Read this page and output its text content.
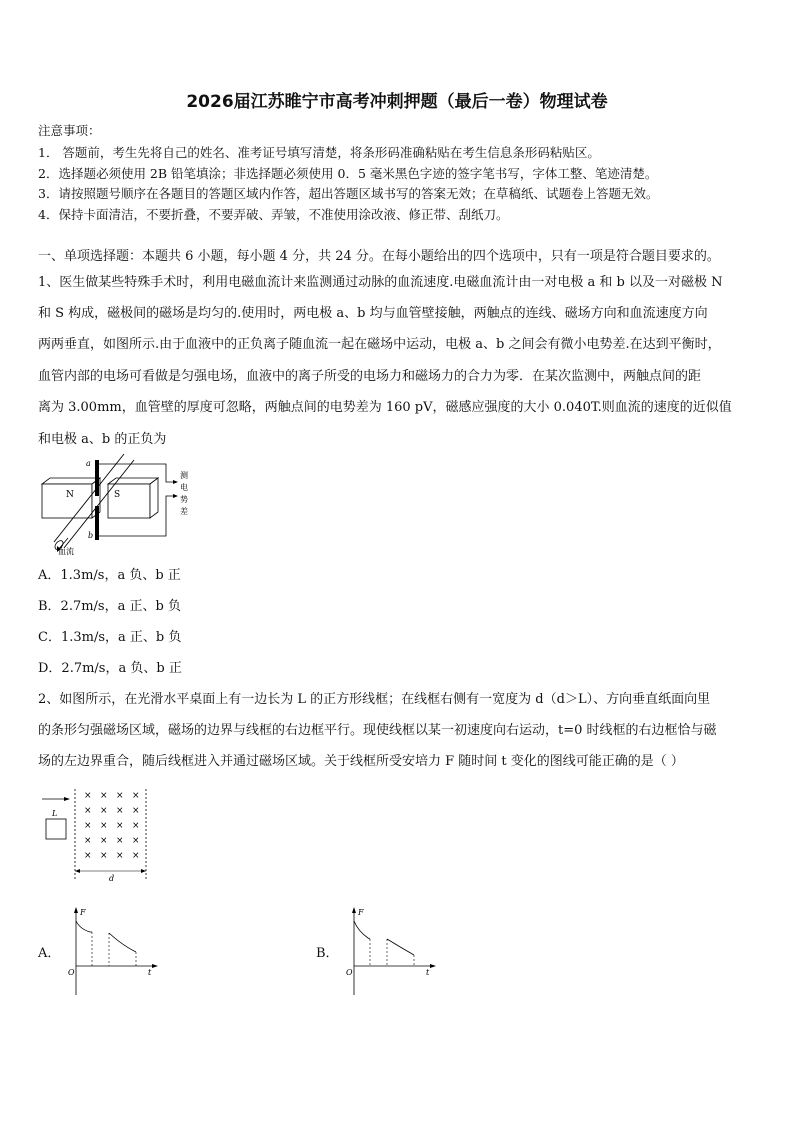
2026届江苏睢宁市高考冲刺押题（最后一卷）物理试卷
注意事项：
1． 答题前，考生先将自己的姓名、准考证号填写清楚，将条形码准确粘贴在考生信息条形码粘贴区。
2．选择题必须使用 2B 铅笔填涂；非选择题必须使用 0．5 毫米黑色字迹的签字笔书写，字体工整、笔迹清楚。
3．请按照题号顺序在各题目的答题区域内作答，超出答题区域书写的答案无效；在草稿纸、试题卷上答题无效。
4．保持卡面清洁，不要折叠，不要弄破、弄皱，不准使用涂改液、修正带、刮纸刀。
一、单项选择题：本题共 6 小题，每小题 4 分，共 24 分。在每小题给出的四个选项中，只有一项是符合题目要求的。
1、医生做某些特殊手术时，利用电磁血流计来监测通过动脉的血流速度.电磁血流计由一对电极 a 和 b 以及一对磁极 N
和 S 构成，磁极间的磁场是均匀的.使用时，两电极 a、b 均与血管壁接触，两触点的连线、磁场方向和血流速度方向
两两垂直，如图所示.由于血液中的正负离子随血流一起在磁场中运动，电极 a、b 之间会有微小电势差.在达到平衡时，
血管内部的电场可看做是匀强电场，血液中的离子所受的电场力和磁场力的合力为零．在某次监测中，两触点间的距
离为 3.00mm，血管壁的厚度可忽略，两触点间的电势差为 160 pV，磁感应强度的大小 0.040T.则血流的速度的近似值
和电极 a、b 的正负为
N	S
a
b
血流
测
电
势
差
A．1.3m/s，a 负、b 正
B．2.7m/s，a 正、b 负
C．1.3m/s，a 正、b 负
D．2.7m/s，a 负、b 正
2、如图所示，在光滑水平桌面上有一边长为 L 的正方形线框；在线框右侧有一宽度为 d（d＞L）、方向垂直纸面向里
的条形匀强磁场区域，磁场的边界与线框的右边框平行。现使线框以某一初速度向右运动，t=0 时线框的右边框恰与磁
场的左边界重合，随后线框进入并通过磁场区域。关于线框所受安培力 F 随时间 t 变化的图线可能正确的是（ ）
L
× × × ×
× × × ×
× × × ×
× × × ×
× × × ×
d
A．
F
t
O
B．
F
t
O
